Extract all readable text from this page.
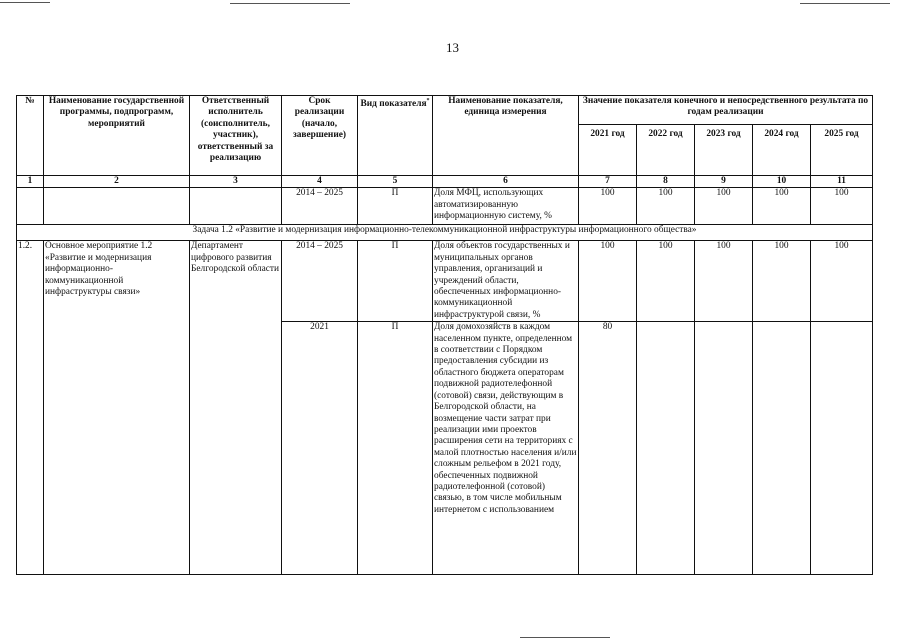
13
№	Наименование государственной программы, подпрограмм, мероприятий	Ответственный исполнитель (соисполнитель, участник), ответственный за реализацию	Срок реализации (начало, завершение)	Вид показателя*	Наименование показателя, единица измерения	Значение показателя конечного и непосредственного результата по годам реализации				
						2021 год	2022 год	2023 год	2024 год	2025 год
1	2	3	4	5	6	7	8	9	10	11
			2014 – 2025	П	Доля МФЦ, использующих автоматизированную информационную систему, %	100	100	100	100	100
Задача 1.2 «Развитие и модернизация информационно-телекоммуникационной инфраструктуры информационного общества»										
1.2.	Основное мероприятие 1.2 «Развитие и модернизация информационно-коммуникационной инфраструктуры связи»	Департамент цифрового развития Белгородской области	2014 – 2025	П	Доля объектов государственных и муниципальных органов управления, организаций и учреждений области, обеспеченных информационно-коммуникационной инфраструктурой связи, %	100	100	100	100	100
			2021	П	Доля домохозяйств в каждом населенном пункте, определенном в соответствии с Порядком предоставления субсидии из областного бюджета операторам подвижной радиотелефонной (сотовой) связи, действующим в Белгородской области, на возмещение части затрат при реализации ими проектов расширения сети на территориях с малой плотностью населения и/или сложным рельефом в 2021 году, обеспеченных подвижной радиотелефонной (сотовой) связью, в том числе мобильным интернетом с использованием	80				
